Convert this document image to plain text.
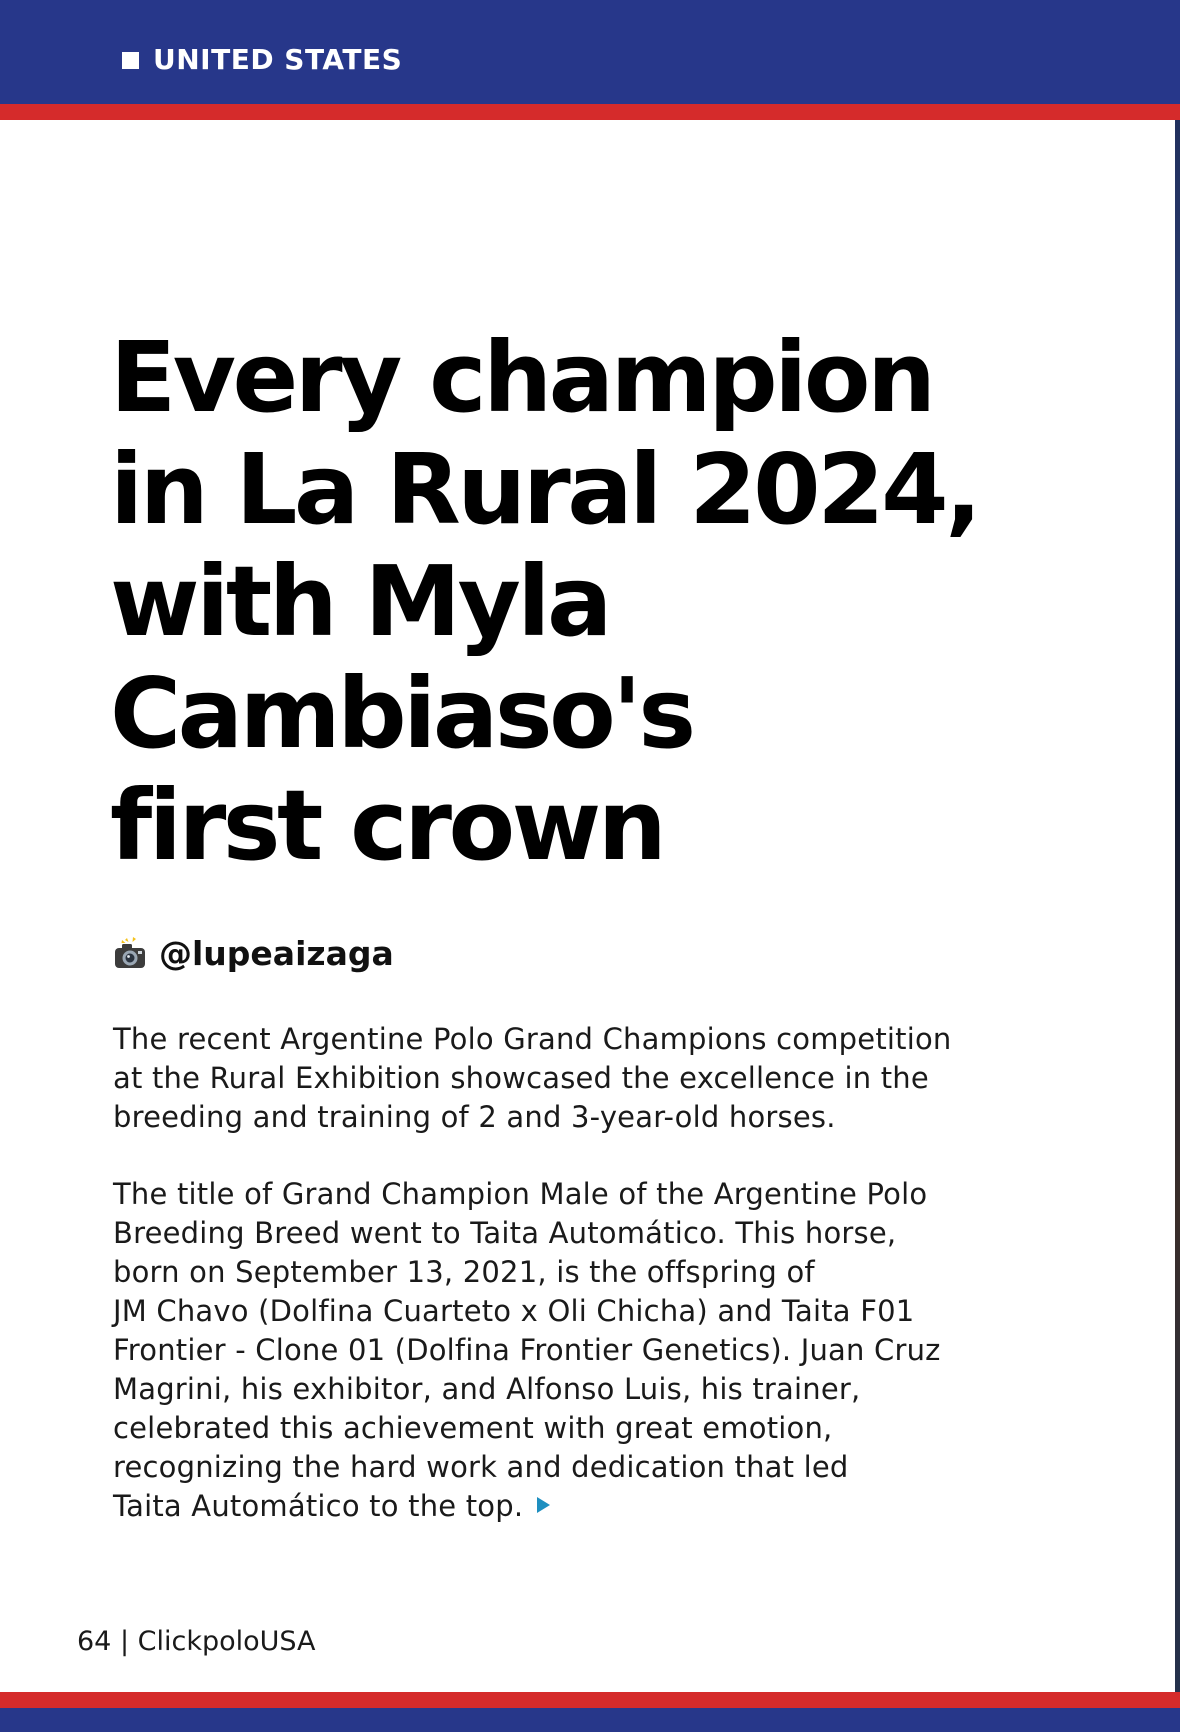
UNITED STATES
Every champion
in La Rural 2024,
with Myla
Cambiaso's
first crown
@lupeaizaga

The recent Argentine Polo Grand Champions competition
at the Rural Exhibition showcased the excellence in the
breeding and training of 2 and 3-year-old horses.

The title of Grand Champion Male of the Argentine Polo
Breeding Breed went to Taita Automático. This horse,
born on September 13, 2021, is the offspring of
JM Chavo (Dolfina Cuarteto x Oli Chicha) and Taita F01
Frontier - Clone 01 (Dolfina Frontier Genetics). Juan Cruz
Magrini, his exhibitor, and Alfonso Luis, his trainer,
celebrated this achievement with great emotion,
recognizing the hard work and dedication that led
Taita Automático to the top.

64 | ClickpoloUSA
